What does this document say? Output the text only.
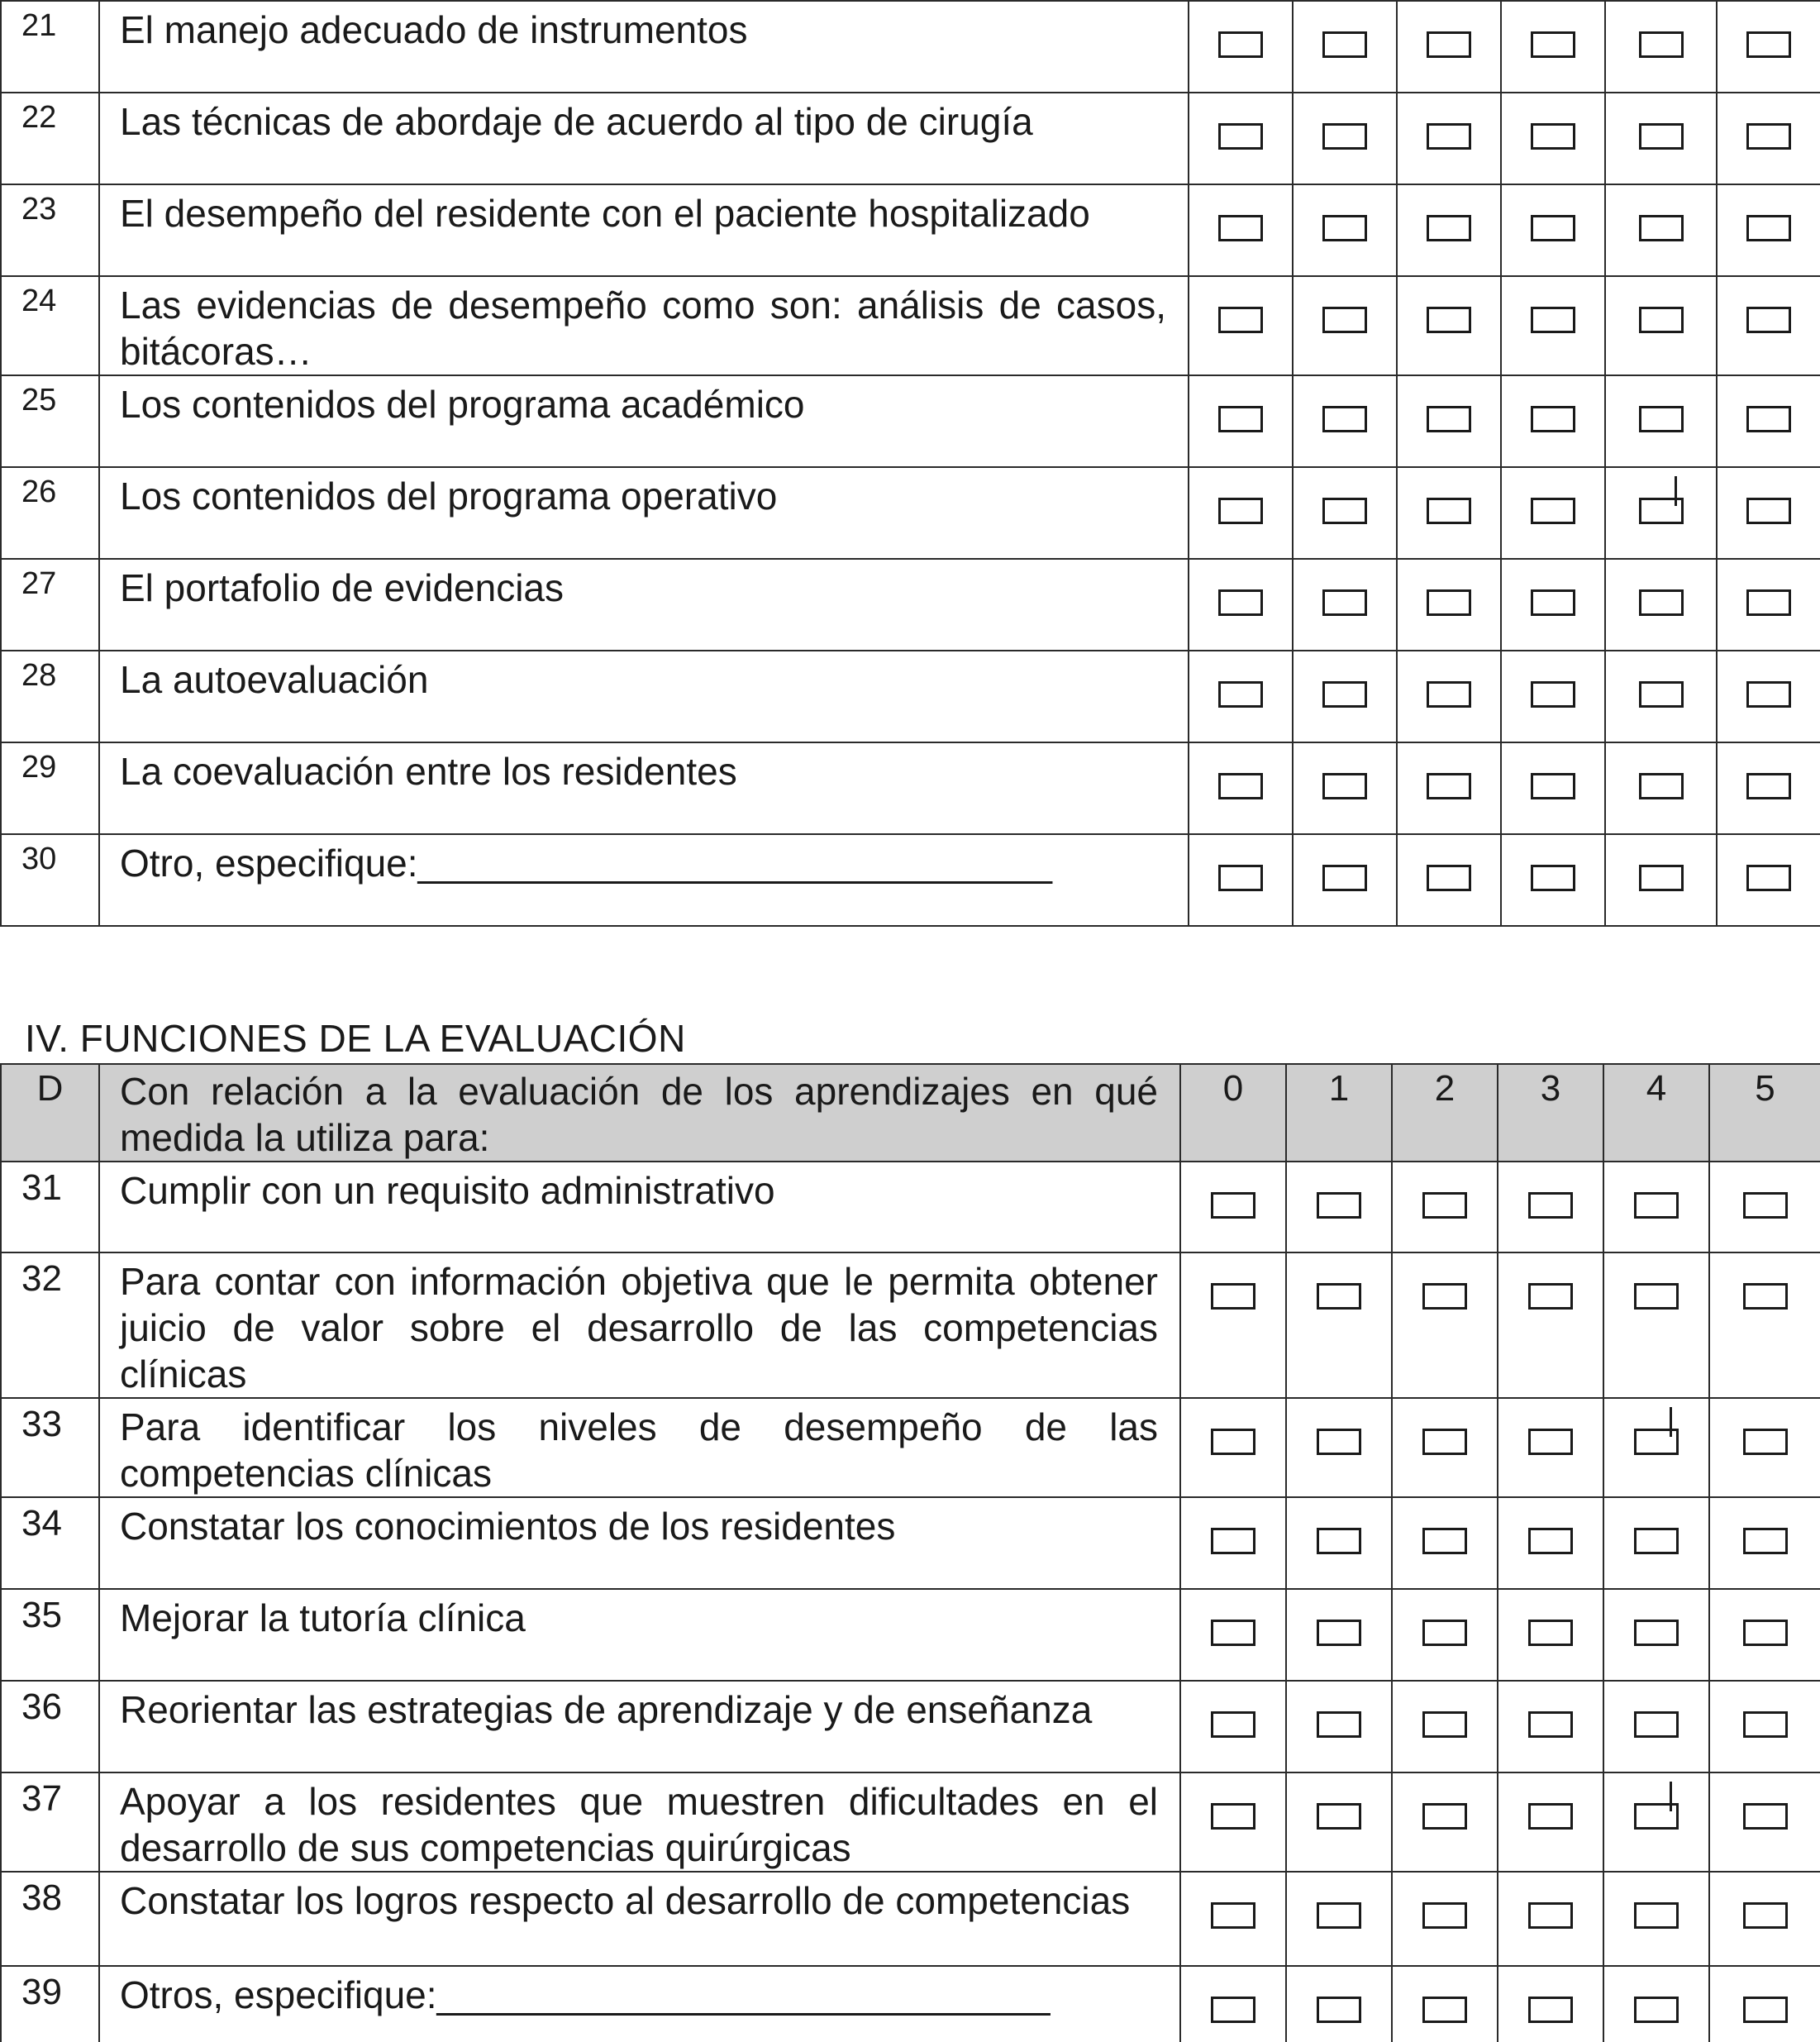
21	El manejo adecuado de instrumentos	

22	Las técnicas de abordaje de acuerdo al tipo de cirugía	

23	El desempeño del residente con el paciente hospitalizado	

24	Las evidencias de desempeño como son: análisis de casos, bitácoras…	

25	Los contenidos del programa académico	

26	Los contenidos del programa operativo	

27	El portafolio de evidencias	

28	La autoevaluación	

29	La coevaluación entre los residentes	

30	Otro, especifique:______________________________	

IV. FUNCIONES DE LA EVALUACIÓN
D	Con relación a la evaluación de los aprendizajes en qué medida la utiliza para:	0	1	2	3	4	5
31	Cumplir con un requisito administrativo	

32	Para contar con información objetiva que le permita obtener juicio de valor sobre el desarrollo de las competencias clínicas	

33	Para identificar los niveles de desempeño de las competencias clínicas	

34	Constatar los conocimientos de los residentes	

35	Mejorar la tutoría clínica	

36	Reorientar las estrategias de aprendizaje y de enseñanza	

37	Apoyar a los residentes que muestren dificultades en el desarrollo de sus competencias quirúrgicas	

38	Constatar los logros respecto al desarrollo de competencias	

39	Otros, especifique:_____________________________	
